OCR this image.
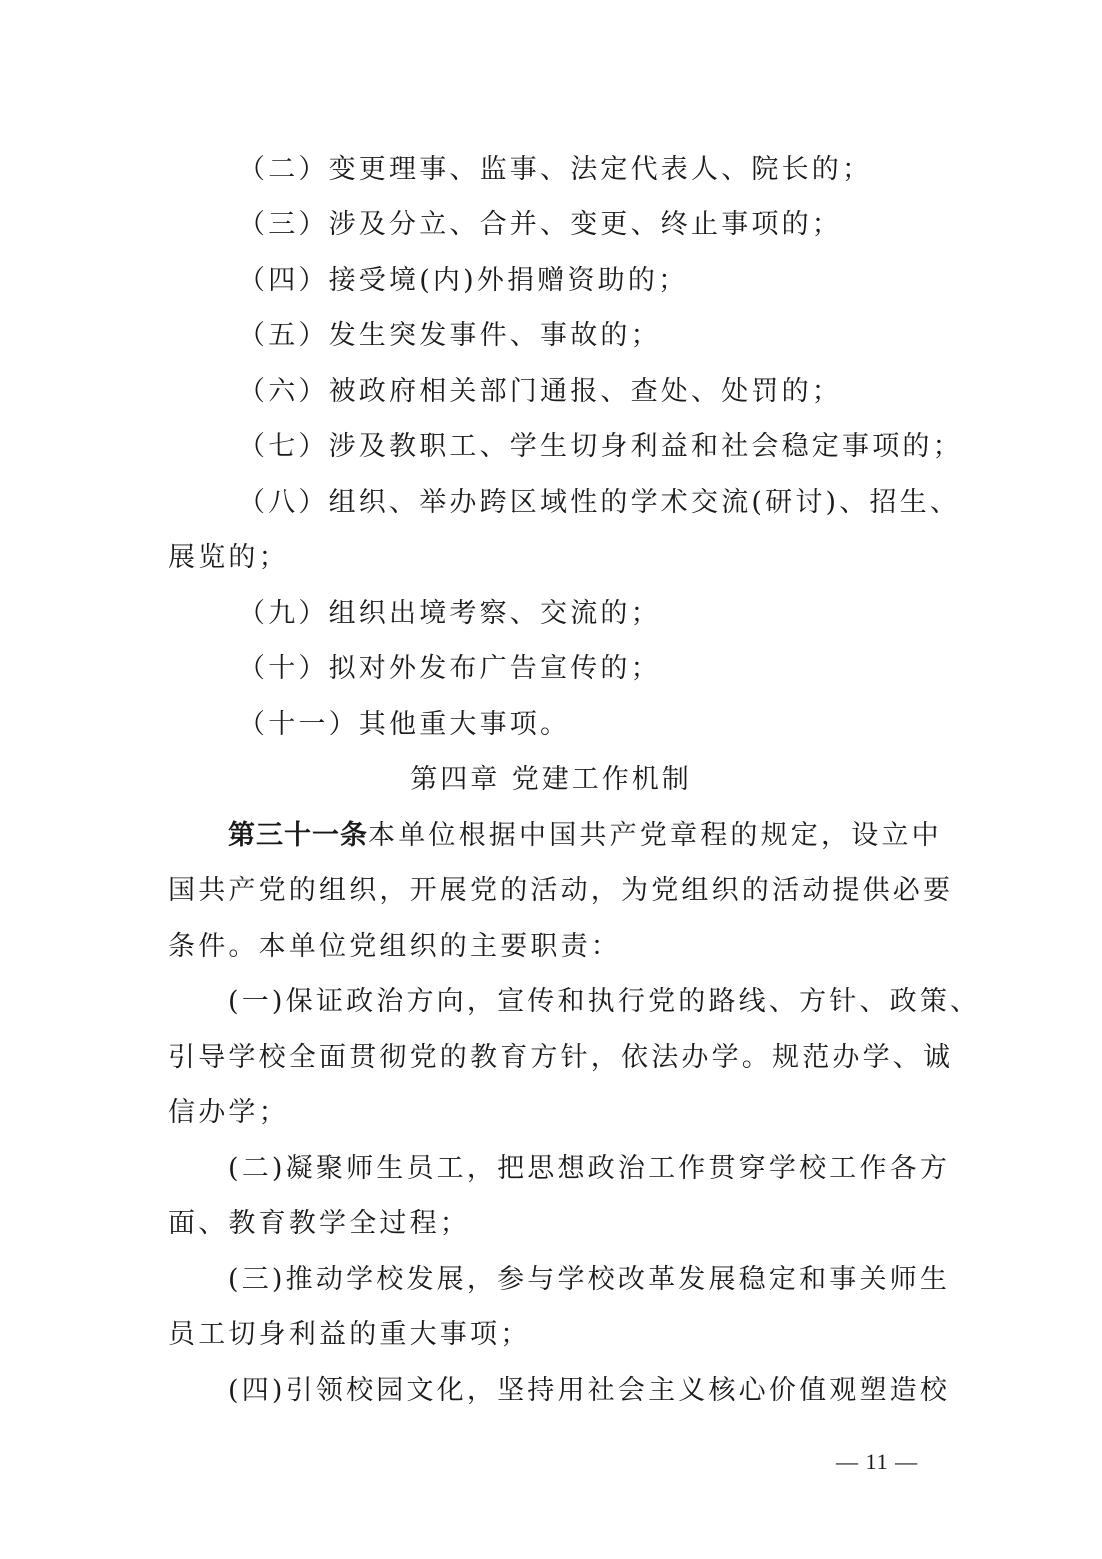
（二）变更理事、监事、法定代表人、院长的；
（三）涉及分立、合并、变更、终止事项的；
（四）接受境(内)外捐赠资助的；
（五）发生突发事件、事故的；
（六）被政府相关部门通报、查处、处罚的；
（七）涉及教职工、学生切身利益和社会稳定事项的；
（八）组织、举办跨区域性的学术交流(研讨)、招生、
展览的；
（九）组织出境考察、交流的；
（十）拟对外发布广告宣传的；
（十一）其他重大事项。
第四章 党建工作机制
第三十一条本单位根据中国共产党章程的规定，设立中
国共产党的组织，开展党的活动，为党组织的活动提供必要
条件。本单位党组织的主要职责：
(一)保证政治方向，宣传和执行党的路线、方针、政策、
引导学校全面贯彻党的教育方针，依法办学。规范办学、诚
信办学；
(二)凝聚师生员工，把思想政治工作贯穿学校工作各方
面、教育教学全过程；
(三)推动学校发展，参与学校改革发展稳定和事关师生
员工切身利益的重大事项；
(四)引领校园文化，坚持用社会主义核心价值观塑造校
— 11 —
